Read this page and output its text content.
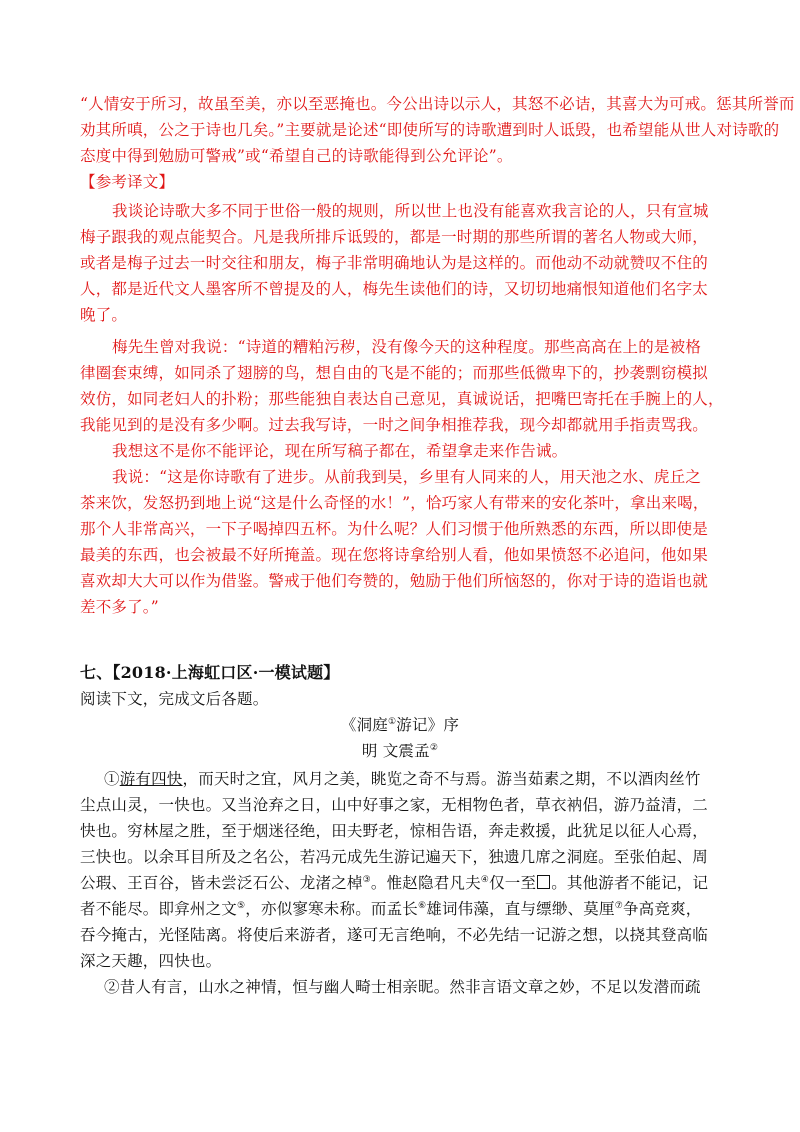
“人情安于所习，故虽至美，亦以至恶掩也。今公出诗以示人，其怒不必诘，其喜大为可戒。惩其所誉而
劝其所嗔，公之于诗也几矣。”主要就是论述“即使所写的诗歌遭到时人诋毁，也希望能从世人对诗歌的
态度中得到勉励可警戒”或“希望自己的诗歌能得到公允评论”。
【参考译文】
我谈论诗歌大多不同于世俗一般的规则，所以世上也没有能喜欢我言论的人，只有宣城
梅子跟我的观点能契合。凡是我所排斥诋毁的，都是一时期的那些所谓的著名人物或大师，
或者是梅子过去一时交往和朋友，梅子非常明确地认为是这样的。而他动不动就赞叹不住的
人，都是近代文人墨客所不曾提及的人，梅先生读他们的诗，又切切地痛恨知道他们名字太
晚了。
梅先生曾对我说：“诗道的糟粕污秽，没有像今天的这种程度。那些高高在上的是被格
律圈套束缚，如同杀了翅膀的鸟，想自由的飞是不能的；而那些低微卑下的，抄袭剽窃模拟
效仿，如同老妇人的扑粉；那些能独自表达自己意见，真诚说话，把嘴巴寄托在手腕上的人，
我能见到的是没有多少啊。过去我写诗，一时之间争相推荐我，现今却都就用手指责骂我。
我想这不是你不能评论，现在所写稿子都在，希望拿走来作告诫。
我说：“这是你诗歌有了进步。从前我到吴，乡里有人同来的人，用天池之水、虎丘之
茶来饮，发怒扔到地上说“这是什么奇怪的水！”，恰巧家人有带来的安化茶叶，拿出来喝，
那个人非常高兴，一下子喝掉四五杯。为什么呢？人们习惯于他所熟悉的东西，所以即使是
最美的东西，也会被最不好所掩盖。现在您将诗拿给别人看，他如果愤怒不必追问，他如果
喜欢却大大可以作为借鉴。警戒于他们夸赞的，勉励于他们所恼怒的，你对于诗的造诣也就
差不多了。”
七、【2018·上海虹口区·一模试题】
阅读下文，完成文后各题。
《洞庭①游记》序
明 文震孟②
①游有四快，而天时之宜，风月之美，眺览之奇不与焉。游当茹素之期，不以酒肉丝竹
尘点山灵，一快也。又当沧弃之日，山中好事之家，无相物色者，草衣衲侣，游乃益清，二
快也。穷林屋之胜，至于烟迷径绝，田夫野老，惊相告语，奔走救援，此犹足以征人心焉，
三快也。以余耳目所及之名公，若冯元成先生游记遍天下，独遗几席之洞庭。至张伯起、周
公瑕、王百谷，皆未尝泛石公、龙渚之棹③。惟赵隐君凡夫④仅一至 。其他游者不能记，记
者不能尽。即弇州之文⑤，亦似寥寒未称。而孟长⑥雄词伟藻，直与缥缈、莫厘⑦争高竞爽，
吞今掩古，光怪陆离。将使后来游者，遂可无言绝响，不必先结一记游之想，以挠其登高临
深之天趣，四快也。
②昔人有言，山水之神情，恒与幽人畸士相亲昵。然非言语文章之妙，不足以发潜而疏
